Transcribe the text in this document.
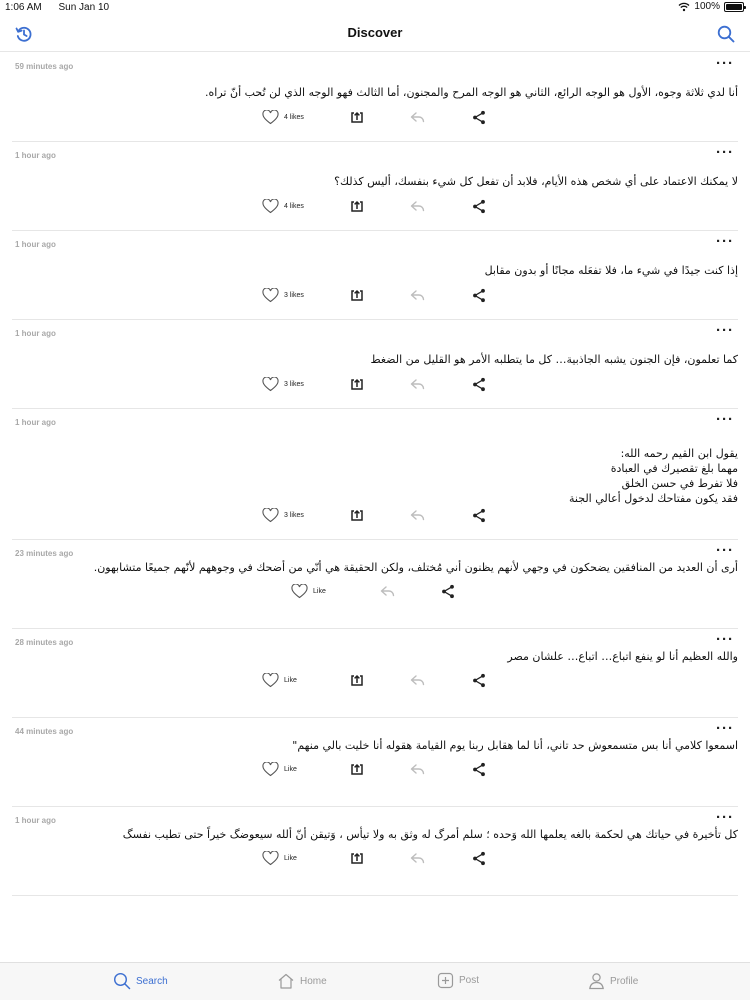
1:06 AM Sun Jan 10	100%
Discover
59 minutes ago	···
أنا لدي ثلاثة وجوه، الأول هو الوجه الرائع، الثاني هو الوجه المرح والمجنون، أما الثالث فهو الوجه الذي لن تُحب أنّ تراه.
4 likes
1 hour ago	···
لا يمكنك الاعتماد على أي شخص هذه الأيام، فلابد أن تفعل كل شيء بنفسك، أليس كذلك؟
4 likes
1 hour ago	···
إذا كنت جيدًا في شيء ما، فلا تفعَله مجانًا أو بدون مقابل
3 likes
1 hour ago	···
كما تعلمون، فإن الجنون يشبه الجاذبية… كل ما يتطلبه الأمر هو القليل من الضغط
3 likes
1 hour ago	···
يقول ابن القيم رحمه الله:
مهما بلغ تقصيرك في العبادة
فلا تفرط في حسن الخلق
فقد يكون مفتاحك لدخول أعالي الجنة
3 likes
23 minutes ago	···
أرى أن العديد من المنافقين يضحكون في وجهي لأنهم يظنون أني مُختلف، ولكن الحقيقة هي أنّي من أضحك في وجوههم لأنّهم جميعًا متشابهون.
Like
28 minutes ago	···
والله العظيم أنا لو ينفع اتباع… اتباع… علشان مصر
Like
44 minutes ago	···
اسمعوا كلامي أنا بس متسمعوش حد تاني، أنا لما هقابل ربنا يوم القيامة هقوله أنا خليت بالي منهم"
Like
1 hour ago	···
كل تأخيرة في حياتك هي لحكمة بالغه يعلمها الله وَحده ؛ سلم أمرگ له وثق به ولا تيأس ، وَتيقن أنّ ألله سيعوضگ خيراً حتى تطيب نفسگ
Like
Search	Home	Post	Profile
